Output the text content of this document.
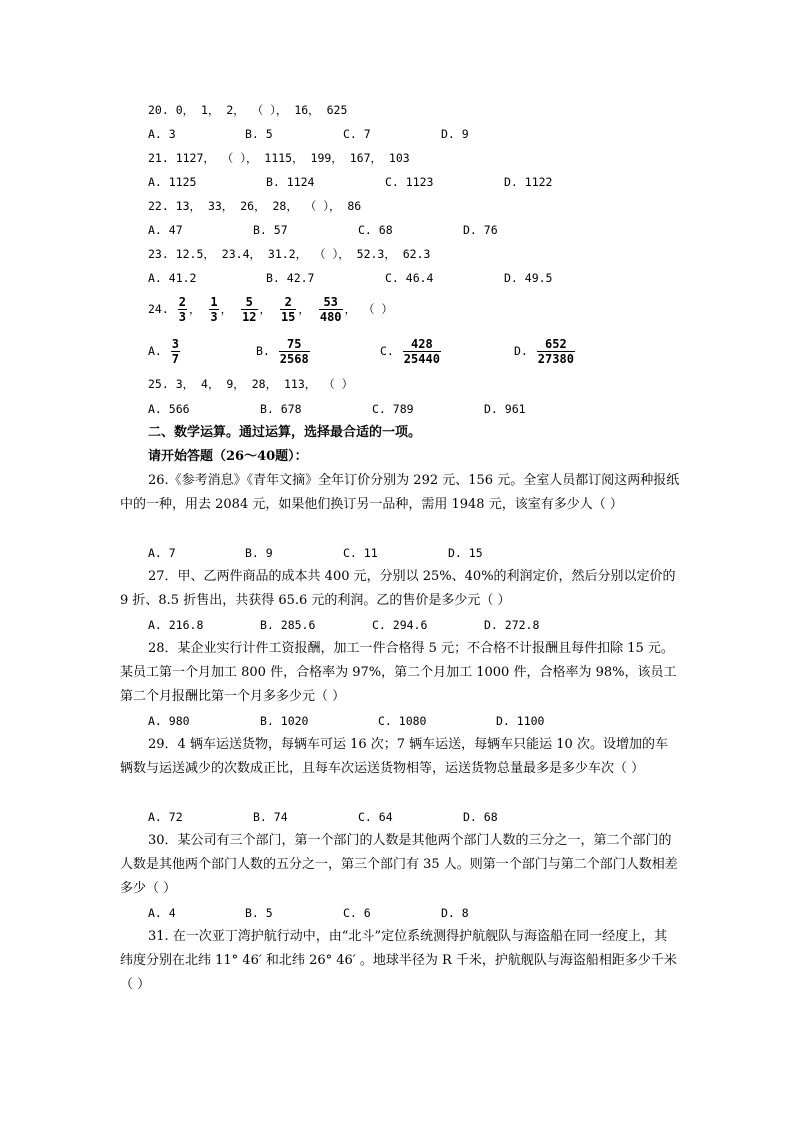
20. 0， 1， 2， （ ）， 16， 625
A. 3	B. 5	C. 7	D. 9
21. 1127， （ ）， 1115， 199， 167， 103
A. 1125	B. 1124	C. 1123	D. 1122
22. 13， 33， 26， 28， （ ）， 86
A. 47	B. 57	C. 68	D. 76
23. 12.5， 23.4， 31.2， （ ）， 52.3， 62.3
A. 41.2	B. 42.7	C. 46.4	D. 49.5
24. $\frac{2}{3}$ ， $\frac{1}{3}$ ， $\frac{5}{12}$ ， $\frac{2}{15}$ ， $\frac{53}{480}$ ， （ ）
A. $\frac{3}{7}$	B. $\frac{75}{2568}$	C. $\frac{428}{25440}$	D. $\frac{652}{27380}$
25. 3， 4， 9， 28， 113， （ ）
A. 566	B. 678	C. 789	D. 961
二、数学运算。通过运算，选择最合适的一项。
请开始答题（26～40题）：
26.《参考消息》《青年文摘》全年订价分别为 292 元、156 元。全室人员都订阅这两种报纸中的一种，用去 2084 元，如果他们换订另一品种，需用 1948 元，该室有多少人（ ）
A. 7	B. 9	C. 11	D. 15
27．甲、乙两件商品的成本共 400 元，分别以 25%、40%的利润定价，然后分别以定价的 9 折、8.5 折售出，共获得 65.6 元的利润。乙的售价是多少元（ ）
A. 216.8	B. 285.6	C. 294.6	D. 272.8
28．某企业实行计件工资报酬，加工一件合格得 5 元；不合格不计报酬且每件扣除 15 元。某员工第一个月加工 800 件，合格率为 97%，第二个月加工 1000 件，合格率为 98%，该员工第二个月报酬比第一个月多多少元（ ）
A. 980	B. 1020	C. 1080	D. 1100
29．4 辆车运送货物，每辆车可运 16 次；7 辆车运送，每辆车只能运 10 次。设增加的车辆数与运送减少的次数成正比，且每车次运送货物相等，运送货物总量最多是多少车次（ ）
A. 72	B. 74	C. 64	D. 68
30．某公司有三个部门，第一个部门的人数是其他两个部门人数的三分之一，第二个部门的人数是其他两个部门人数的五分之一，第三个部门有 35 人。则第一个部门与第二个部门人数相差多少（ ）
A. 4	B. 5	C. 6	D. 8
31. 在一次亚丁湾护航行动中，由“北斗”定位系统测得护航舰队与海盗船在同一经度上，其纬度分别在北纬 11° 46′ 和北纬 26° 46′ 。地球半径为 R 千米，护航舰队与海盗船相距多少千米（ ）
